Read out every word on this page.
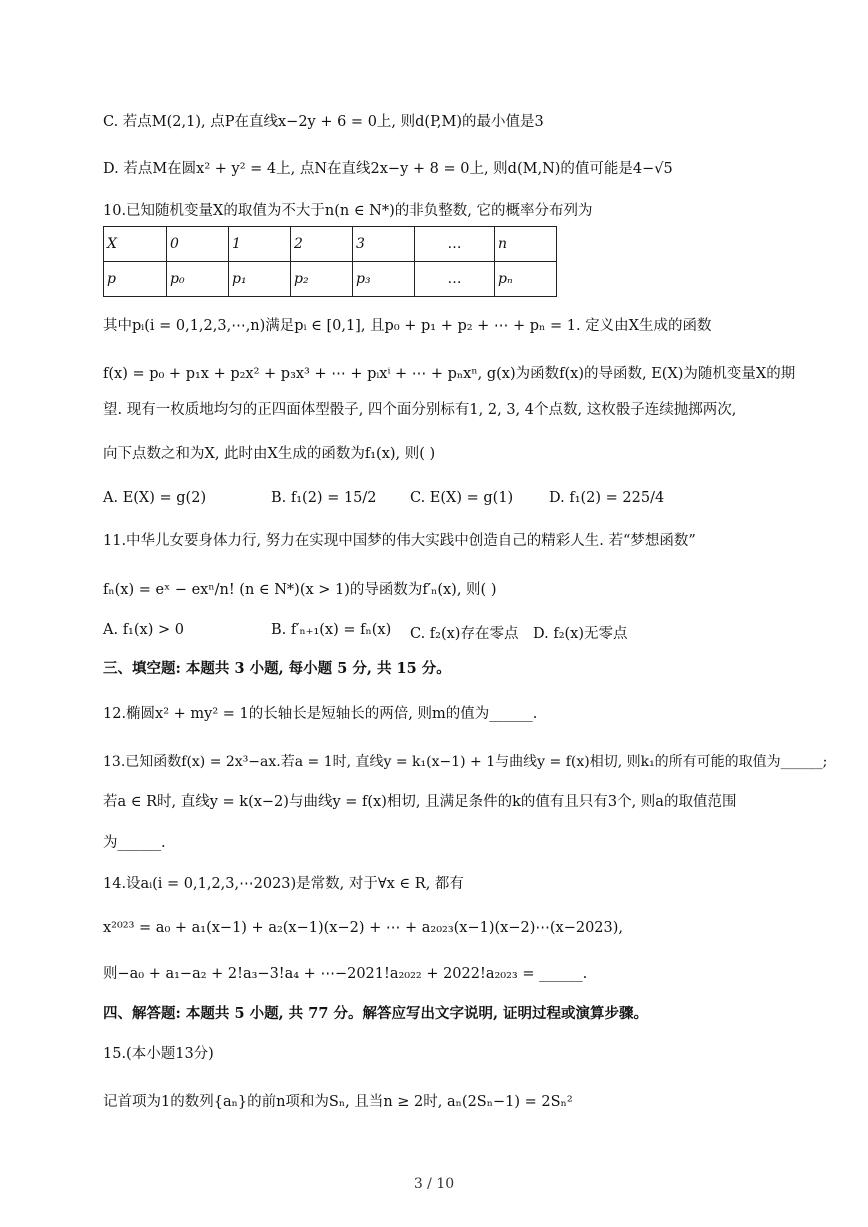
C. 若点M(2,1), 点P在直线x−2y + 6 = 0上, 则d(P,M)的最小值是3
D. 若点M在圆x² + y² = 4上, 点N在直线2x−y + 8 = 0上, 则d(M,N)的值可能是4−√5
10.已知随机变量X的取值为不大于n(n ∈ N*)的非负整数, 它的概率分布列为
X	0	1	2	3	…	n
p	p₀	p₁	p₂	p₃	…	pₙ
其中pᵢ(i = 0,1,2,3,⋯,n)满足pᵢ ∈ [0,1], 且p₀ + p₁ + p₂ + ⋯ + pₙ = 1. 定义由X生成的函数
f(x) = p₀ + p₁x + p₂x² + p₃x³ + ⋯ + pᵢxⁱ + ⋯ + pₙxⁿ, g(x)为函数f(x)的导函数, E(X)为随机变量X的期
望. 现有一枚质地均匀的正四面体型骰子, 四个面分别标有1, 2, 3, 4个点数, 这枚骰子连续抛掷两次,
向下点数之和为X, 此时由X生成的函数为f₁(x), 则( )
A. E(X) = g(2)	B. f₁(2) = 15/2 C. E(X) = g(1) D. f₁(2) = 225/4
11.中华儿女要身体力行, 努力在实现中国梦的伟大实践中创造自己的精彩人生. 若“梦想函数”
fₙ(x) = eˣ − exⁿ/n! (n ∈ N*)(x > 1)的导函数为f′ₙ(x), 则( )
A. f₁(x) > 0	B. f′ₙ₊₁(x) = fₙ(x) C. f₂(x)存在零点 D. f₂(x)无零点
三、填空题: 本题共 3 小题, 每小题 5 分, 共 15 分。
12.椭圆x² + my² = 1的长轴长是短轴长的两倍, 则m的值为______.
13.已知函数f(x) = 2x³−ax.若a = 1时, 直线y = k₁(x−1) + 1与曲线y = f(x)相切, 则k₁的所有可能的取值为______;
若a ∈ R时, 直线y = k(x−2)与曲线y = f(x)相切, 且满足条件的k的值有且只有3个, 则a的取值范围
为______.
14.设aᵢ(i = 0,1,2,3,⋯2023)是常数, 对于∀x ∈ R, 都有
x²⁰²³ = a₀ + a₁(x−1) + a₂(x−1)(x−2) + ⋯ + a₂₀₂₃(x−1)(x−2)⋯(x−2023),
则−a₀ + a₁−a₂ + 2!a₃−3!a₄ + ⋯−2021!a₂₀₂₂ + 2022!a₂₀₂₃ = ______.
四、解答题: 本题共 5 小题, 共 77 分。解答应写出文字说明, 证明过程或演算步骤。
15.(本小题13分)
记首项为1的数列{aₙ}的前n项和为Sₙ, 且当n ≥ 2时, aₙ(2Sₙ−1) = 2Sₙ²
3 / 10
